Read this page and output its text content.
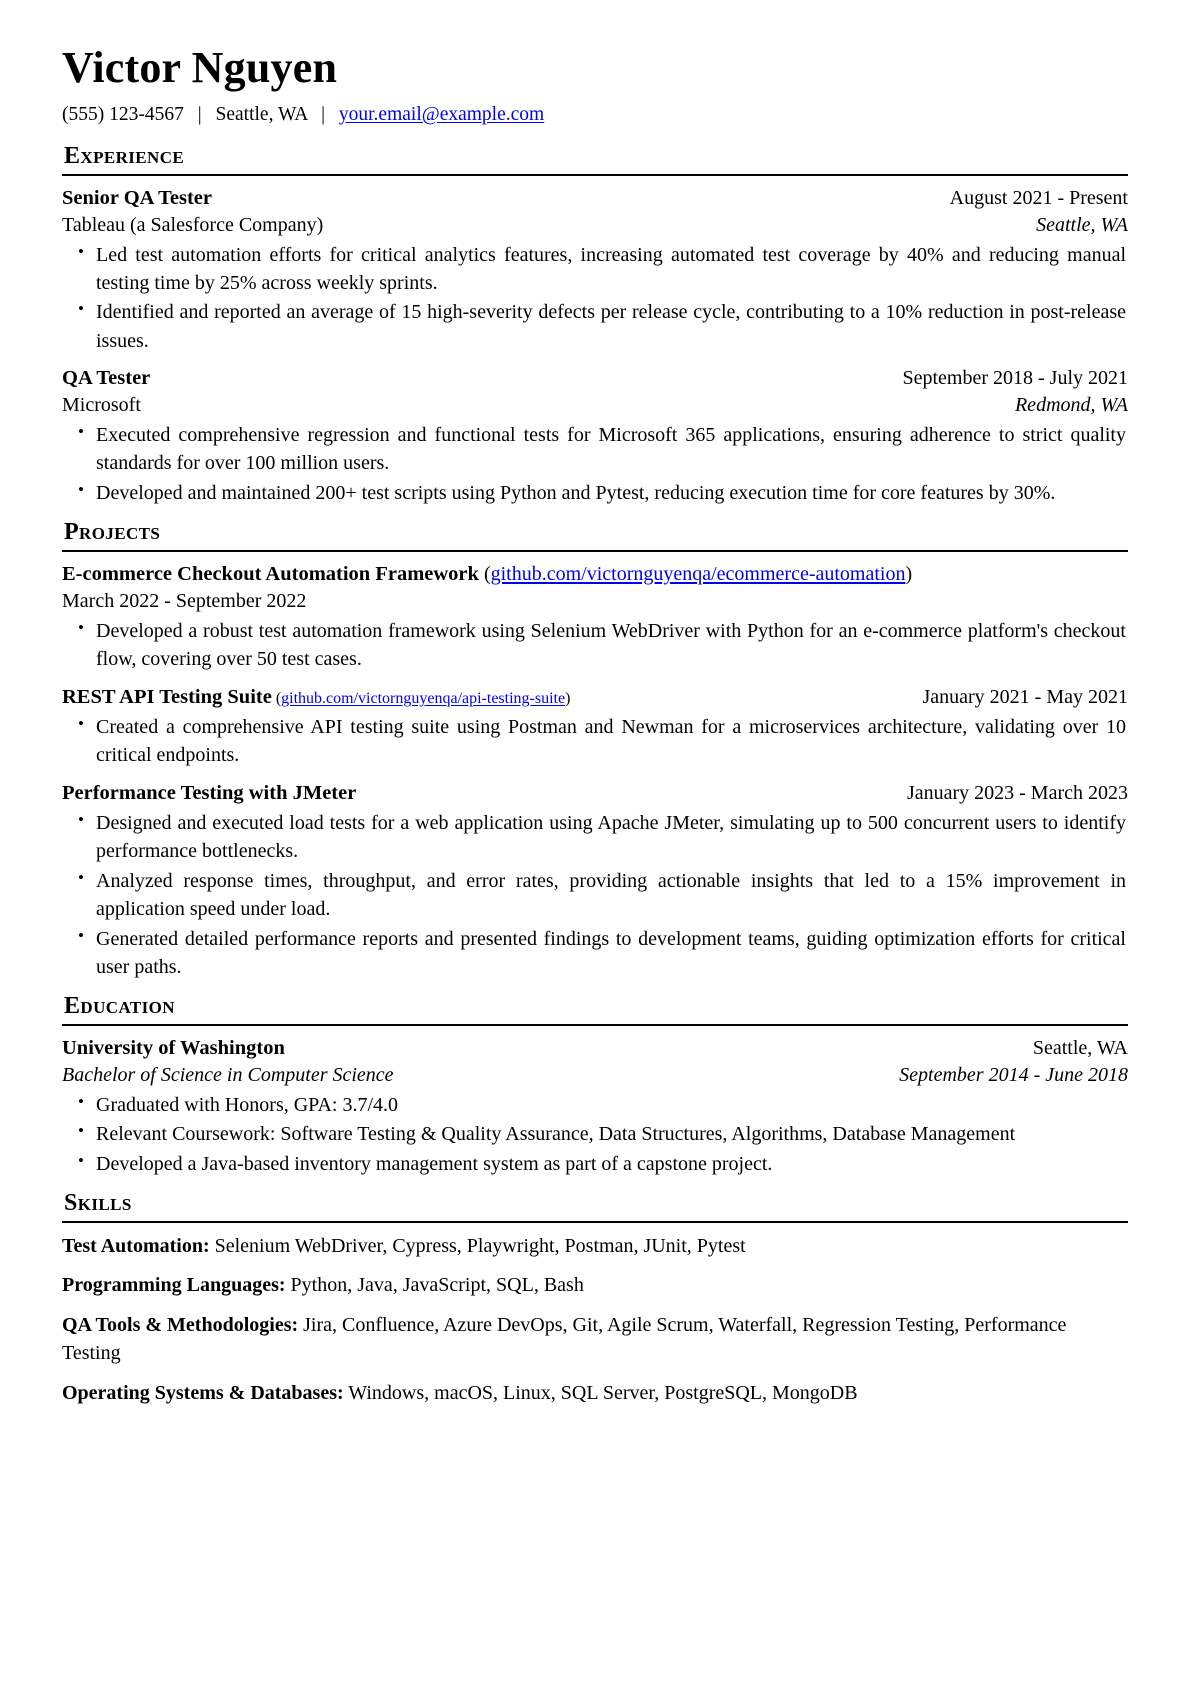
Victor Nguyen
(555) 123-4567 | Seattle, WA | your.email@example.com
Experience
Senior QA Tester	August 2021 - Present
Tableau (a Salesforce Company)	Seattle, WA
• Led test automation efforts for critical analytics features, increasing automated test coverage by 40% and reducing manual testing time by 25% across weekly sprints.
• Identified and reported an average of 15 high-severity defects per release cycle, contributing to a 10% reduction in post-release issues.
QA Tester	September 2018 - July 2021
Microsoft	Redmond, WA
• Executed comprehensive regression and functional tests for Microsoft 365 applications, ensuring adherence to strict quality standards for over 100 million users.
• Developed and maintained 200+ test scripts using Python and Pytest, reducing execution time for core features by 30%.
Projects
E-commerce Checkout Automation Framework (github.com/victornguyenqa/ecommerce-automation)
March 2022 - September 2022
• Developed a robust test automation framework using Selenium WebDriver with Python for an e-commerce platform's checkout flow, covering over 50 test cases.
REST API Testing Suite (github.com/victornguyenqa/api-testing-suite)	January 2021 - May 2021
• Created a comprehensive API testing suite using Postman and Newman for a microservices architecture, validating over 10 critical endpoints.
Performance Testing with JMeter	January 2023 - March 2023
• Designed and executed load tests for a web application using Apache JMeter, simulating up to 500 concurrent users to identify performance bottlenecks.
• Analyzed response times, throughput, and error rates, providing actionable insights that led to a 15% improvement in application speed under load.
• Generated detailed performance reports and presented findings to development teams, guiding optimization efforts for critical user paths.
Education
University of Washington	Seattle, WA
Bachelor of Science in Computer Science	September 2014 - June 2018
• Graduated with Honors, GPA: 3.7/4.0
• Relevant Coursework: Software Testing & Quality Assurance, Data Structures, Algorithms, Database Management
• Developed a Java-based inventory management system as part of a capstone project.
Skills

Test Automation: Selenium WebDriver, Cypress, Playwright, Postman, JUnit, Pytest

Programming Languages: Python, Java, JavaScript, SQL, Bash

QA Tools & Methodologies: Jira, Confluence, Azure DevOps, Git, Agile Scrum, Waterfall, Regression Testing, Performance Testing

Operating Systems & Databases: Windows, macOS, Linux, SQL Server, PostgreSQL, MongoDB
